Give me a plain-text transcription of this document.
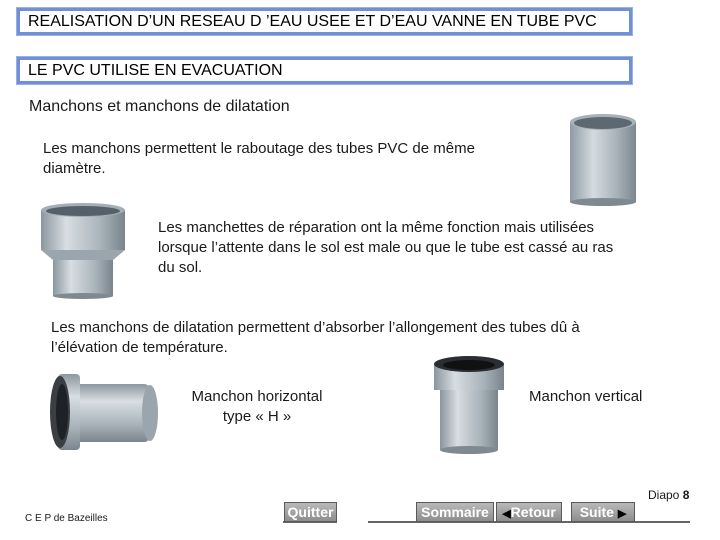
REALISATION D’UN RESEAU D ’EAU USEE ET D’EAU VANNE EN TUBE PVC
LE PVC UTILISE EN EVACUATION
Manchons et manchons de dilatation
Les manchons permettent le raboutage des tubes PVC de même
diamètre.
Les manchettes de réparation ont la même fonction mais utilisées
lorsque l’attente dans le sol est male ou que le tube est cassé au ras
du sol.
Les manchons de dilatation permettent d’absorber l’allongement des tubes dû à
l’élévation de température.
Manchon horizontal
type « H »
Manchon vertical
Diapo 8
C E P de Bazeilles	Quitter	Sommaire	◀Retour	Suite ▶
